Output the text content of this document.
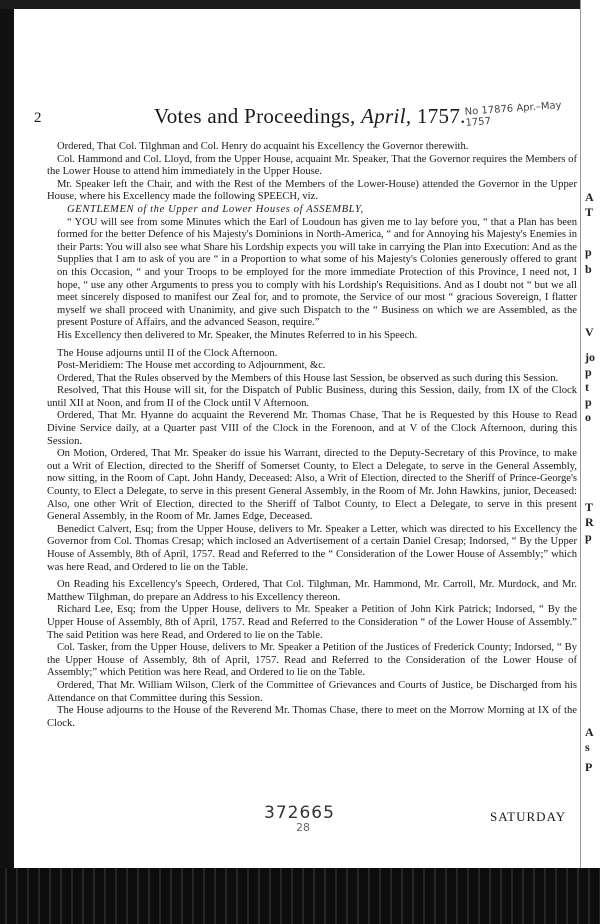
2	Votes and Proceedings, April, 1757.
No 17876 Apr.–May 1757

Ordered, That Col. Tilghman and Col. Henry do acquaint his Excellency the Governor therewith.

Col. Hammond and Col. Lloyd, from the Upper House, acquaint Mr. Speaker, That the Governor requires the Members of the Lower House to attend him immediately in the Upper House.

Mr. Speaker left the Chair, and with the Rest of the Members of the Lower-House) attended the Governor in the Upper House, where his Excellency made the following SPEECH, viz.

GENTLEMEN of the Upper and Lower Houses of ASSEMBLY,

“ YOU will see from some Minutes which the Earl of Loudoun has given me to lay before you, “ that a Plan has been formed for the better Defence of his Majesty's Dominions in North-America, “ and for Annoying his Majesty's Enemies in their Parts: You will also see what Share his Lordship expects you will take in carrying the Plan into Execution: And as the Supplies that I am to ask of you are “ in a Proportion to what some of his Majesty's Colonies generously offered to grant on this Occasion, “ and your Troops to be employed for the more immediate Protection of this Province, I need not, I hope, “ use any other Arguments to press you to comply with his Lordship's Requisitions. And as I doubt not “ but we all meet sincerely disposed to manifest our Zeal for, and to promote, the Service of our most “ gracious Sovereign, I flatter myself we shall proceed with Unanimity, and give such Dispatch to the “ Business on which we are Assembled, as the present Posture of Affairs, and the advanced Season, require.”

His Excellency then delivered to Mr. Speaker, the Minutes Referred to in his Speech.

The House adjourns until II of the Clock Afternoon.

Post-Meridiem: The House met according to Adjournment, &c.

Ordered, That the Rules observed by the Members of this House last Session, be observed as such during this Session.

Resolved, That this House will sit, for the Dispatch of Public Business, during this Session, daily, from IX of the Clock until XII at Noon, and from II of the Clock until V Afternoon.

Ordered, That Mr. Hyanne do acquaint the Reverend Mr. Thomas Chase, That he is Requested by this House to Read Divine Service daily, at a Quarter past VIII of the Clock in the Forenoon, and at V of the Clock Afternoon, during this Session.

On Motion, Ordered, That Mr. Speaker do issue his Warrant, directed to the Deputy-Secretary of this Province, to make out a Writ of Election, directed to the Sheriff of Somerset County, to Elect a Delegate, to serve in the General Assembly, now sitting, in the Room of Capt. John Handy, Deceased: Also, a Writ of Election, directed to the Sheriff of Prince-George's County, to Elect a Delegate, to serve in this present General Assembly, in the Room of Mr. John Hawkins, junior, Deceased: Also, one other Writ of Election, directed to the Sheriff of Talbot County, to Elect a Delegate, to serve in this present General Assembly, in the Room of Mr. James Edge, Deceased.

Benedict Calvert, Esq; from the Upper House, delivers to Mr. Speaker a Letter, which was directed to his Excellency the Governor from Col. Thomas Cresap; which inclosed an Advertisement of a certain Daniel Cresap; Indorsed, “ By the Upper House of Assembly, 8th of April, 1757. Read and Referred to the “ Consideration of the Lower House of Assembly;” which was here Read, and Ordered to lie on the Table.

On Reading his Excellency's Speech, Ordered, That Col. Tilghman, Mr. Hammond, Mr. Carroll, Mr. Murdock, and Mr. Matthew Tilghman, do prepare an Address to his Excellency thereon.

Richard Lee, Esq; from the Upper House, delivers to Mr. Speaker a Petition of John Kirk Patrick; Indorsed, “ By the Upper House of Assembly, 8th of April, 1757. Read and Referred to the Consideration “ of the Lower House of Assembly.” The said Petition was here Read, and Ordered to lie on the Table.

Col. Tasker, from the Upper House, delivers to Mr. Speaker a Petition of the Justices of Frederick County; Indorsed, “ By the Upper House of Assembly, 8th of April, 1757. Read and Referred to the Consideration of the Lower House of Assembly;” which Petition was here Read, and Ordered to lie on the Table.

Ordered, That Mr. William Wilson, Clerk of the Committee of Grievances and Courts of Justice, be Discharged from his Attendance on that Committee during this Session.

The House adjourns to the House of the Reverend Mr. Thomas Chase, there to meet on the Morrow Morning at IX of the Clock.

372665
28
SATURDAY
A
T
p
b
V
jo
p
t
p
o
T
R
p
A
s
P
